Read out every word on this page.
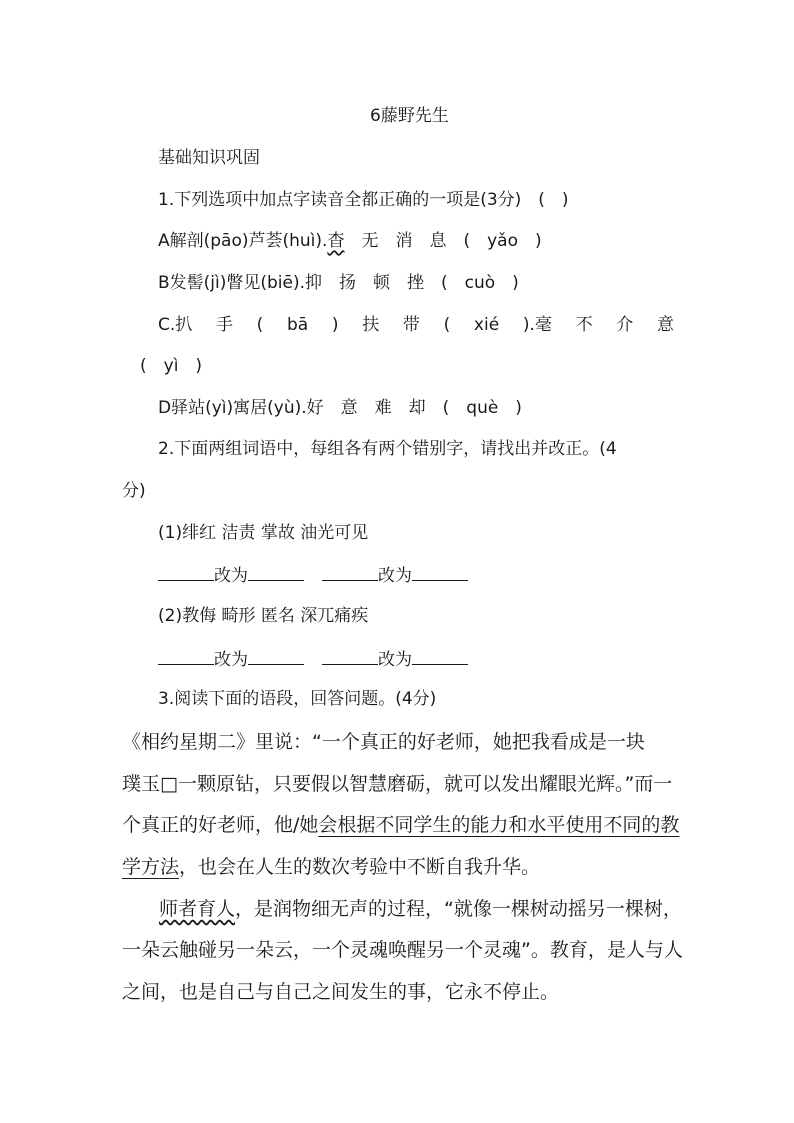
6藤野先生
基础知识巩固
1.下列选项中加点字读音全都正确的一项是(3分)　(　)
A解剖(pāo)芦荟(huì).杳　无　消　息　(　yǎo　)
B发髻(jì)瞥见(biē).抑　扬　顿　挫　(　cuò　)
C.扒 手 ( bā ) 扶 带 ( xié ).毫 不 介 意
(　yì　)
D驿站(yì)寓居(yù).好　意　难　却　(　què　)
2.下面两组词语中，每组各有两个错别字，请找出并改正。(4
分)
(1)绯红 洁责 掌故 油光可见
改为	改为
(2)教侮 畸形 匿名 深兀痛疾
改为	改为
3.阅读下面的语段，回答问题。(4分)
《相约星期二》里说：“一个真正的好老师，她把我看成是一块
璞玉□一颗原钻，只要假以智慧磨砺，就可以发出耀眼光辉。”而一
个真正的好老师，他/她会根据不同学生的能力和水平使用不同的教
学方法，也会在人生的数次考验中不断自我升华。
师者育人，是润物细无声的过程，“就像一棵树动摇另一棵树，
一朵云触碰另一朵云，一个灵魂唤醒另一个灵魂”。教育，是人与人
之间，也是自己与自己之间发生的事，它永不停止。
